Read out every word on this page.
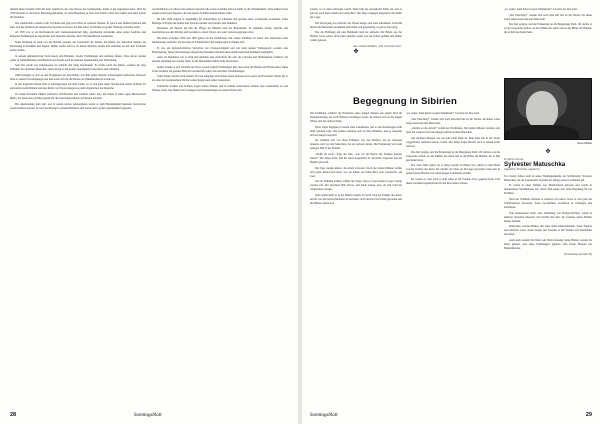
deshalb ihren Schaum 1816 mit nach Gepfeld in die erste Klasse des Gymnasiums, damit er gut ungesäuert lerne. 1816 bis 1818 besuchte er das Pester Piaristengymnasium, wo seine Begabung in Wort und Schrift schon bald auffiel und seine Lehrer ihn förderten.

Die Lateinschule verließ er mit 16 Jahren und ging nach Ofen zu weiteren Studien. Er sprach nun fließend Deutsch und hatte sich die Kenntnis der ungarischen Sprache erworben, die ihm später als Dichter zu großer Wirkung verhelfen sollte.

Ab 1835 war er als Rechtsanwalt und Landesstaatsanwalt tätig, gleichzeitig entstanden seine ersten Gedichte und kleineren Erzählungen in ungarischer und deutscher Sprache, die in Wochenblättern erschienen.

Seine Dichtung ist stark von der Heimat geprägt: die Landschaft der Donau, die Dörfer der deutschen Siedler, die Erinnerung an Kindheit und Jugend. Immer wieder kehrt er zu diesen Motiven zurück und verbindet sie mit dem Schicksal seines Volkes.

In seinem umfangreichen Werk lassen sich Balladen, Lieder, Erzählungen und Aufsätze finden. Viele davon wurden später in Sammelbänden veröffentlicht und fanden auch im Ausland Anerkennung und Verbreitung.

Sein Stil wurde von Zeitgenossen als schlicht und innig beschrieben. Er suchte nicht das Pathos, sondern die leise Wahrheit der einfachen Menschen, deren Alltag er mit großer Genauigkeit beobachtete und schilderte.

1848 beteiligte er sich an den Ereignissen der Revolution, was ihm später manche Schwierigkeit einbrachte. Dennoch blieb er seinen Überzeugungen treu und setzte sich für die Rechte der Minderheiten im Lande ein.

In den folgenden Jahren lebte er zurückgezogen auf dem Lande, wo er sich ganz seiner literarischen Arbeit widmete. Es entstanden Gedichtbände und eine Reihe von Übersetzungen aus dem Ungarischen ins Deutsche.

Zu seinen Freunden zählten zahlreiche Schriftsteller und Gelehrte seiner Zeit, mit denen er einen regen Briefwechsel führte, der heute eine wichtige Quelle für die Literaturgeschichte der Region darstellt.

Die Anerkennung kam spät: erst in seinen letzten Lebensjahren wurde er zum Ehrenmitglied mehrerer literarischer Gesellschaften ernannt. Er starb hochbetagt in seinem Heimatort und wurde unter großer Anteilnahme beigesetzt.

veröffentlichte er in dieser und anderen Sprachen die ersten Gedichte und trat damit an die Öffentlichkeit. Seine frühen Verse zeigen bereits jene Eigenart, die sein ganzes Schaffen kennzeichnen sollte.

Im Jahr 1840 begann er regelmäßig für Zeitschriften zu schreiben und gewann einen wachsenden Leserkreis. Seine Beiträge zu Fragen der Kultur und Sprache wurden viel beachtet und diskutiert.

Besonders am Herzen lag ihm die Pflege der Mundart und des Brauchtums. Er sammelte Lieder, Sprüche und Geschichten aus den Dörfern und bewahrte so einen Schatz, der sonst verloren gegangen wäre.

Die Jahre zwischen 1850 und 1870 gelten als die fruchtbarste Zeit seines Schaffens. In dieser Zeit entstanden seine bekanntesten Gedichte, die bis heute in Schulbüchern und Anthologien zu finden sind.

Er war ein leidenschaftlicher Verfechter der Zweisprachigkeit und sah darin keinen Widerspruch, sondern eine Bereicherung. Seine Übersetzungen ungarischer Klassiker machten diese einem deutschen Publikum zugänglich.

Auch als Redakteur war er tätig und gründete eine Zeitschrift, die sich der Literatur und Heimatkunde widmete. Sie bestand allerdings nur wenige Jahre, da die finanziellen Mittel nicht ausreichten.

Später wandte er sich verstärkt der Prosa zu und schrieb Erzählungen über das Leben der Bauern und Handwerker. Diese Texte zeichnen ein genaues Bild der Gesellschaft seiner Zeit und ihrer Veränderungen.

Seine Werke wurden nach seinem Tod neu aufgelegt und fanden erneut Interesse bei Lesern und Forschern. Heute gilt er als einer der bedeutendsten Dichter seiner Region und seiner Generation.

Zahlreiche Straßen und Schulen tragen seinen Namen, und in seinem Geburtshaus erinnert eine Gedenktafel an sein Wirken. Jedes Jahr finden dort Lesungen und Veranstaltungen zu seinen Ehren statt.

28	Sonntagsblatt

Gefahr, wo er dann stationiert wurde. Dann fuhr die europäische Kälte ein, und es gab nur noch harte Arbeit und wenig Brot. Die Tage vergingen langsam in der Ödnis der Lager.

Die Versorgung war schlecht, das Wasser knapp, und viele erkrankten. Trotzdem hielten die Menschen zusammen und halfen sich gegenseitig, so gut es eben ging.

Nur die Hoffnung auf eine Heimkehr hielt sie aufrecht. Die Briefe aus der Heimat waren selten, doch jeder einzelne wurde wie ein Schatz gehütet und immer wieder gelesen.

Aus: Johann Weidlein, „Der verlorene Sohn“
✤
Begegnung in Sibirien

Die Erzählung schildert die Erlebnisse eines jungen Mannes aus einem Dorf im Karpatenbecken, der nach Sibirien verschleppt wurde. Er erinnert sich an die langen Winter und die endlose Weite.

Eines Tages begegnet er einem alten Landsmann, den er seit Kindertagen nicht mehr gesehen hatte. Die beiden erkennen sich an ihrer Mundart, und es entspinnt sich ein langes Gespräch.

Sie erzählen sich von ihren Familien, von den Dörfern, die sie verlassen mussten, und von den Menschen, die sie verloren haben. Die Erinnerung wird zum einzigen Halt in der Fremde.

„Weißt du noch“, fragt der Alte, „wie wir im Herbst die Trauben gelesen haben?“ Der Junge nickt, und für einen Augenblick ist die Kälte vergessen und die Heimat ganz nah.

Die Tage werden kürzer, die Arbeit schwerer. Doch die beiden Männer treffen sich jeden Abend und teilen, was sie haben: ein Stück Brot, eine Geschichte, ein Lied.

Als der Frühling kommt, erfährt der Junge, dass er in ein anderes Lager verlegt werden soll. Der Abschied fällt schwer, und beide wissen, dass sie sich wohl nie wiedersehen werden.

Jahre später kehrt er in die Heimat zurück. Er sucht nach der Familie des Alten, um ihr von den letzten Monaten zu berichten, doch das Dorf ist fremd geworden und die Häuser stehen leer.

„Ja, weiter, mein lieber Gespan! Rumänien?“ forschte der Alte nach.

„Der Einschlag!“ wandte sich nach dem Ruf hin an die Wache, die ihnen schon lange zusah und nun näher kam.

„Zurück an die Arbeit!“ befahl der Wachmann. Die beiden Männer trennten sich ohne ein weiteres Wort und gingen zurück zu ihren Baracken.

Am nächsten Morgen war der Alte nicht mehr da. Man hatte ihn in der Nacht weggebracht, niemand wusste, wohin. Der Junge fragte überall, doch er bekam keine Antwort.

Die Zeit verging, und die Erinnerung an die Begegnung blieb. Oft dachte er an die Gespräche zurück, an die Stimme des Alten und an die Bilder der Heimat, die er ihm geschenkt hatte.

Erst viele Jahre später, als er längst wieder zu Hause war, erhielt er einen Brief von der Tochter des Alten. Sie schrieb, ihr Vater sei im Lager gestorben, habe aber in seinen letzten Briefen von einem jungen Landsmann erzählt.

Da wusste er, dass auch er dem Alten in der Fremde Trost gegeben hatte. Und dieser Gedanke begleitete ihn für den Rest seines Lebens.

„Ja, weiter, mein lieber Gespan! Rumänien?“ forschte der Alte nach.

„Der Einschlag!“ wandte sich nach dem Ruf hin an die Wache, die ihnen schon lange zusah und nun näher kam.

Die Zeit verging, und die Erinnerung an die Begegnung blieb. Oft dachte er an die Gespräche zurück, an die Stimme des Alten und an die Bilder der Heimat, die er ihm geschenkt hatte.

Ilona Zimmer
✤
Er spricht von uns:
Sylvester Matuschka
(eigentlich: Fernreiter, ungarisch)

Vor vierzig Jahren starb in seiner Heimatgemeinde der Schriftsteller Sylvester Matuschka, der als bedeutender Chronist des Alltags seiner Landsleute gilt.

Er wurde in einer Familie von Handwerkern geboren und wuchs in bescheidenen Verhältnissen auf. Schon früh zeigte sich seine Begabung für das Erzählen.

Nach der Schulzeit arbeitete er zunächst als Lehrer, bevor er sich ganz der Schriftstellerei zuwandte. Seine Geschichten erschienen in Zeitungen und Kalendern.

Sein bekanntestes Werk, eine Sammlung von Dorfgeschichten, wurde in mehrere Sprachen übersetzt und machte ihn über die Grenzen seiner Heimat hinaus bekannt.

Matuschka verband Humor mit einer tiefen Menschlichkeit. Seine Figuren sind einfache Leute, deren Sorgen und Freuden er mit Wärme und Verständnis beschrieb.

Auch nach seinem Tod blieb sein Werk lebendig. Seine Bücher werden bis heute gelesen, und seine Erzählungen gehören zum festen Bestand der Heimatliteratur.

(Fortsetzung auf Seite 30)
Sonntagsblatt	29
